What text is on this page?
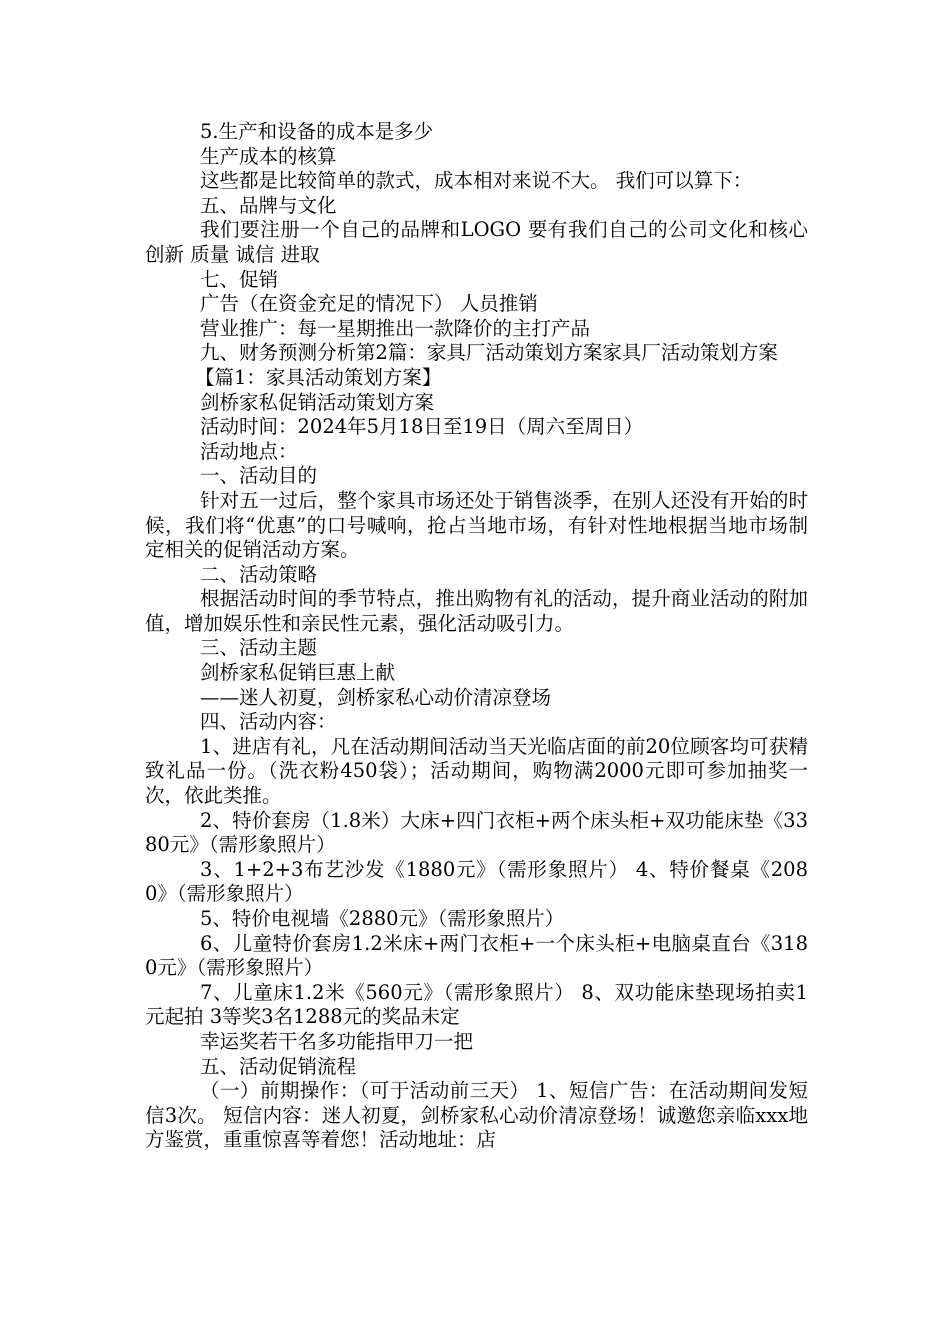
5.生产和设备的成本是多少

生产成本的核算

这些都是比较简单的款式，成本相对来说不大。 我们可以算下：

五、品牌与文化

我们要注册一个自己的品牌和LOGO 要有我们自己的公司文化和核心 创新 质量 诚信 进取

七、促销

广告（在资金充足的情况下） 人员推销

营业推广：每一星期推出一款降价的主打产品

九、财务预测分析第2篇：家具厂活动策划方案家具厂活动策划方案

【篇1：家具活动策划方案】

剑桥家私促销活动策划方案

活动时间：2024年5月18日至19日（周六至周日）

活动地点：

一、活动目的

针对五一过后，整个家具市场还处于销售淡季，在别人还没有开始的时候，我们将“优惠”的口号喊响，抢占当地市场，有针对性地根据当地市场制定相关的促销活动方案。

二、活动策略

根据活动时间的季节特点，推出购物有礼的活动，提升商业活动的附加值，增加娱乐性和亲民性元素，强化活动吸引力。

三、活动主题

剑桥家私促销巨惠上献

——迷人初夏，剑桥家私心动价清凉登场

四、活动内容：

1、进店有礼，凡在活动期间活动当天光临店面的前20位顾客均可获精致礼品一份。（洗衣粉450袋）；活动期间，购物满2000元即可参加抽奖一次，依此类推。

2、特价套房（1.8米）大床+四门衣柜+两个床头柜+双功能床垫《3380元》（需形象照片）

3、1+2+3布艺沙发《1880元》（需形象照片） 4、特价餐桌《2080》（需形象照片）

5、特价电视墙《2880元》（需形象照片）

6、儿童特价套房1.2米床+两门衣柜+一个床头柜+电脑桌直台《3180元》（需形象照片）

7、儿童床1.2米《560元》（需形象照片） 8、双功能床垫现场拍卖1元起拍 3等奖3名1288元的奖品未定

幸运奖若干名多功能指甲刀一把

五、活动促销流程

（一）前期操作：（可于活动前三天） 1、短信广告：在活动期间发短信3次。 短信内容：迷人初夏，剑桥家私心动价清凉登场！诚邀您亲临xxx地方鉴赏，重重惊喜等着您！活动地址：店
